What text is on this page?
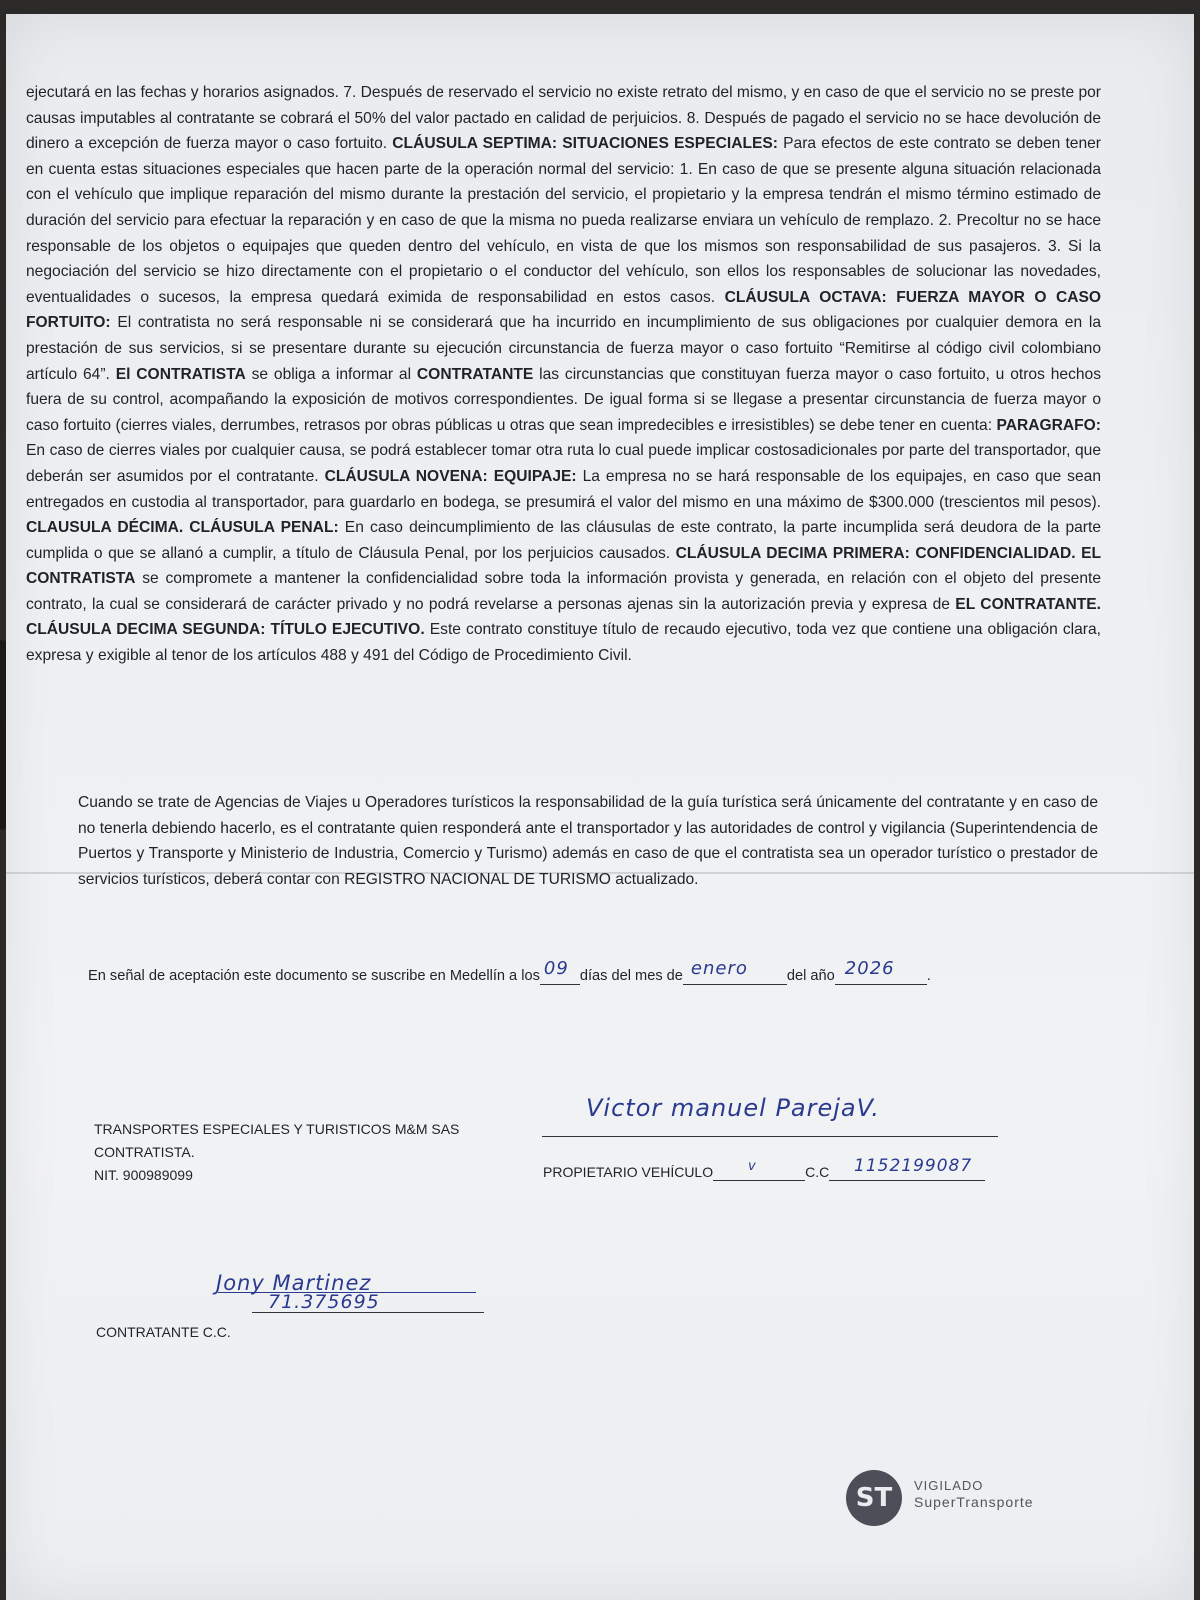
ejecutará en las fechas y horarios asignados. 7. Después de reservado el servicio no existe retrato del mismo, y en caso de que el servicio no se preste por causas imputables al contratante se cobrará el 50% del valor pactado en calidad de perjuicios. 8. Después de pagado el servicio no se hace devolución de dinero a excepción de fuerza mayor o caso fortuito. CLÁUSULA SEPTIMA: SITUACIONES ESPECIALES: Para efectos de este contrato se deben tener en cuenta estas situaciones especiales que hacen parte de la operación normal del servicio: 1. En caso de que se presente alguna situación relacionada con el vehículo que implique reparación del mismo durante la prestación del servicio, el propietario y la empresa tendrán el mismo término estimado de duración del servicio para efectuar la reparación y en caso de que la misma no pueda realizarse enviara un vehículo de remplazo. 2. Precoltur no se hace responsable de los objetos o equipajes que queden dentro del vehículo, en vista de que los mismos son responsabilidad de sus pasajeros. 3. Si la negociación del servicio se hizo directamente con el propietario o el conductor del vehículo, son ellos los responsables de solucionar las novedades, eventualidades o sucesos, la empresa quedará eximida de responsabilidad en estos casos. CLÁUSULA OCTAVA: FUERZA MAYOR O CASO FORTUITO: El contratista no será responsable ni se considerará que ha incurrido en incumplimiento de sus obligaciones por cualquier demora en la prestación de sus servicios, si se presentare durante su ejecución circunstancia de fuerza mayor o caso fortuito “Remitirse al código civil colombiano artículo 64”. El CONTRATISTA se obliga a informar al CONTRATANTE las circunstancias que constituyan fuerza mayor o caso fortuito, u otros hechos fuera de su control, acompañando la exposición de motivos correspondientes. De igual forma si se llegase a presentar circunstancia de fuerza mayor o caso fortuito (cierres viales, derrumbes, retrasos por obras públicas u otras que sean impredecibles e irresistibles) se debe tener en cuenta: PARAGRAFO: En caso de cierres viales por cualquier causa, se podrá establecer tomar otra ruta lo cual puede implicar costosadicionales por parte del transportador, que deberán ser asumidos por el contratante. CLÁUSULA NOVENA: EQUIPAJE: La empresa no se hará responsable de los equipajes, en caso que sean entregados en custodia al transportador, para guardarlo en bodega, se presumirá el valor del mismo en una máximo de $300.000 (trescientos mil pesos). CLAUSULA DÉCIMA. CLÁUSULA PENAL: En caso deincumplimiento de las cláusulas de este contrato, la parte incumplida será deudora de la parte cumplida o que se allanó a cumplir, a título de Cláusula Penal, por los perjuicios causados. CLÁUSULA DECIMA PRIMERA: CONFIDENCIALIDAD. EL CONTRATISTA se compromete a mantener la confidencialidad sobre toda la información provista y generada, en relación con el objeto del presente contrato, la cual se considerará de carácter privado y no podrá revelarse a personas ajenas sin la autorización previa y expresa de EL CONTRATANTE. CLÁUSULA DECIMA SEGUNDA: TÍTULO EJECUTIVO. Este contrato constituye título de recaudo ejecutivo, toda vez que contiene una obligación clara, expresa y exigible al tenor de los artículos 488 y 491 del Código de Procedimiento Civil.
Cuando se trate de Agencias de Viajes u Operadores turísticos la responsabilidad de la guía turística será únicamente del contratante y en caso de no tenerla debiendo hacerlo, es el contratante quien responderá ante el transportador y las autoridades de control y vigilancia (Superintendencia de Puertos y Transporte y Ministerio de Industria, Comercio y Turismo) además en caso de que el contratista sea un operador turístico o prestador de servicios turísticos, deberá contar con REGISTRO NACIONAL DE TURISMO actualizado.
En señal de aceptación este documento se suscribe en Medellín a los 09 días del mes de enero	del año 2026 .
TRANSPORTES ESPECIALES Y TURISTICOS M&M SAS
CONTRATISTA.
NIT. 900989099
Victor manuel ParejaV.
PROPIETARIO VEHÍCULO	C.C
v	1152199087
Jony Martinez
71.375695
CONTRATANTE C.C.
ST	VIGILADO
SuperTransporte
